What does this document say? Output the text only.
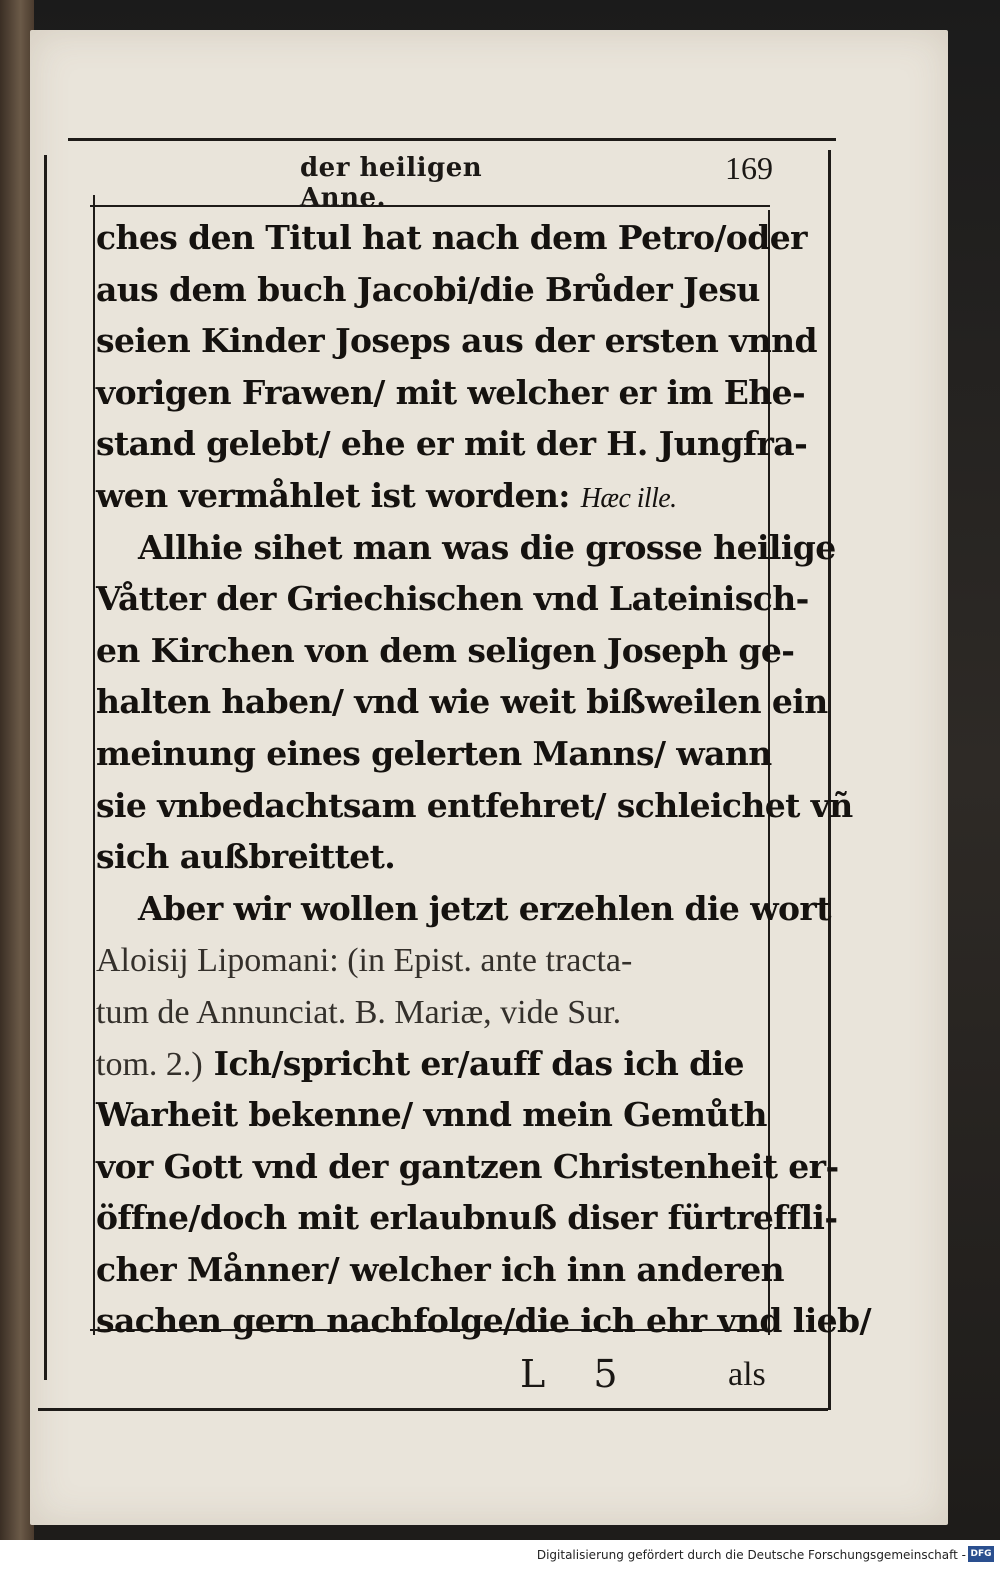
der heiligen Anne.
169
ches den Titul hat nach dem Petro/oder
aus dem buch Jacobi/die Brůder Jesu
seien Kinder Joseps aus der ersten vnnd
vorigen Frawen/ mit welcher er im Ehe-
stand gelebt/ ehe er mit der H. Jungfra-
wen vermåhlet ist worden: Hæc ille.
Allhie sihet man was die grosse heilige
Våtter der Griechischen vnd Lateinisch-
en Kirchen von dem seligen Joseph ge-
halten haben/ vnd wie weit bißweilen ein
meinung eines gelerten Manns/ wann
sie vnbedachtsam entfehret/ schleichet vñ
sich außbreittet.
Aber wir wollen jetzt erzehlen die wort
Aloisij Lipomani: (in Epist. ante tracta-
tum de Annunciat. B. Mariæ, vide Sur.
tom. 2.) Ich/spricht er/auff das ich die
Warheit bekenne/ vnnd mein Gemůth
vor Gott vnd der gantzen Christenheit er-
öffne/doch mit erlaubnuß diser fürtreffli-
cher Månner/ welcher ich inn anderen
sachen gern nachfolge/die ich ehr vnd lieb/
L 5	als
Digitalisierung gefördert durch die Deutsche Forschungsgemeinschaft - DFG
